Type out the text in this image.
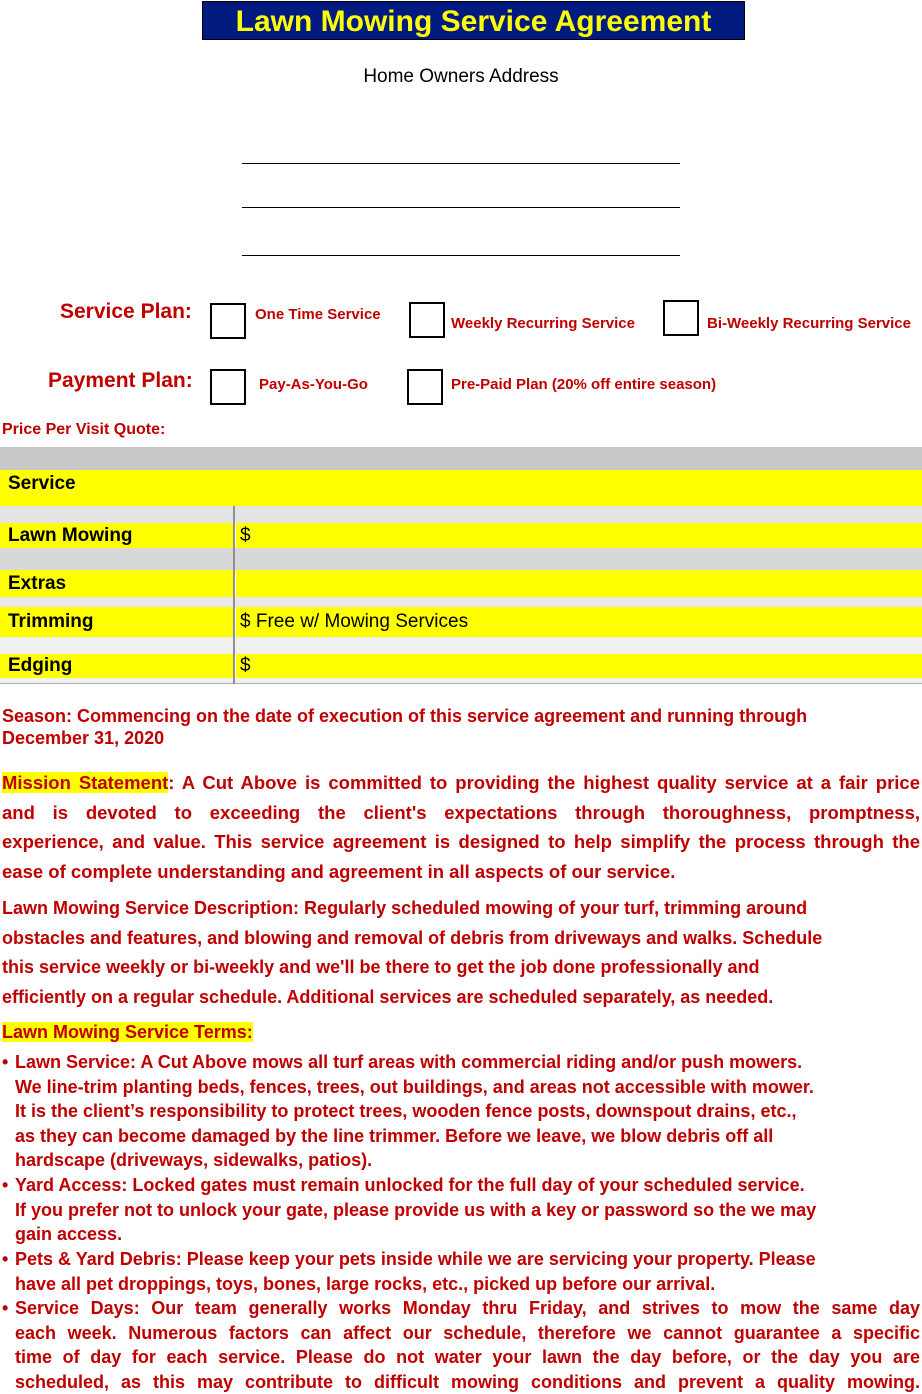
Lawn Mowing Service Agreement
Home Owners Address
Service Plan:	One Time Service
Weekly Recurring Service	Bi-Weekly Recurring Service
Payment Plan:	Pay-As-You-Go	Pre-Paid Plan (20% off entire season)
Price Per Visit Quote:
Service
Lawn Mowing	$
Extras
Trimming	$ Free w/ Mowing Services
Edging	$
Season: Commencing on the date of execution of this service agreement and running through
December 31, 2020
Mission Statement: A Cut Above is committed to providing the highest quality service at a fair price
and is devoted to exceeding the client's expectations through thoroughness, promptness,
experience, and value. This service agreement is designed to help simplify the process through the
ease of complete understanding and agreement in all aspects of our service.
Lawn Mowing Service Description: Regularly scheduled mowing of your turf, trimming around
obstacles and features, and blowing and removal of debris from driveways and walks. Schedule
this service weekly or bi-weekly and we'll be there to get the job done professionally and
efficiently on a regular schedule. Additional services are scheduled separately, as needed.
Lawn Mowing Service Terms:
• Lawn Service: A Cut Above mows all turf areas with commercial riding and/or push mowers.
We line-trim planting beds, fences, trees, out buildings, and areas not accessible with mower.
It is the client’s responsibility to protect trees, wooden fence posts, downspout drains, etc.,
as they can become damaged by the line trimmer. Before we leave, we blow debris off all
hardscape (driveways, sidewalks, patios).
• Yard Access: Locked gates must remain unlocked for the full day of your scheduled service.
If you prefer not to unlock your gate, please provide us with a key or password so the we may
gain access.
• Pets & Yard Debris: Please keep your pets inside while we are servicing your property. Please
have all pet droppings, toys, bones, large rocks, etc., picked up before our arrival.
• Service Days: Our team generally works Monday thru Friday, and strives to mow the same day
each week. Numerous factors can affect our schedule, therefore we cannot guarantee a specific
time of day for each service. Please do not water your lawn the day before, or the day you are
scheduled, as this may contribute to difficult mowing conditions and prevent a quality mowing.
